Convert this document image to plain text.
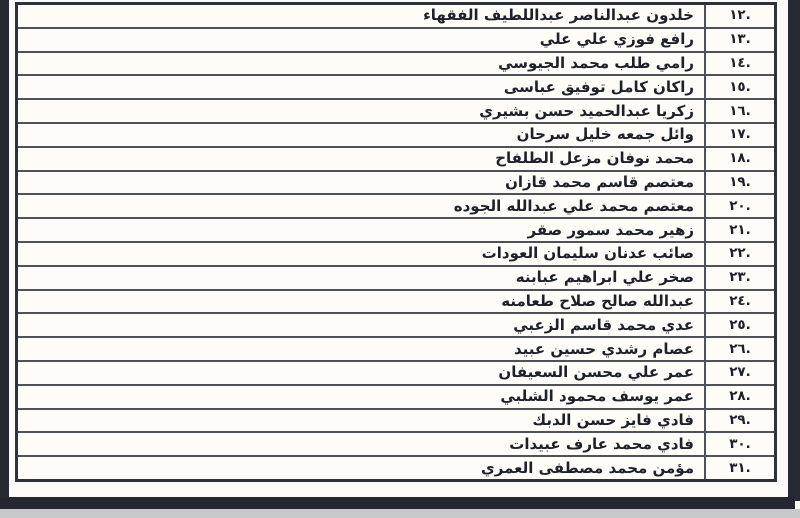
خلدون عبدالناصر عبداللطيف الفقهاء	١٢.
رافع فوزي علي علي	١٣.
رامي طلب محمد الجيوسي	١٤.
راكان كامل توفيق عباسى	١٥.
زكريا عبدالحميد حسن بشيري	١٦.
وائل جمعه خليل سرحان	١٧.
محمد نوفان مزعل الطلفاح	١٨.
معتصم قاسم محمد قازان	١٩.
معتصم محمد علي عبدالله الجوده	٢٠.
زهير محمد سمور صقر	٢١.
صائب عدنان سليمان العودات	٢٢.
صخر علي ابراهيم عبابنه	٢٣.
عبدالله صالح صلاح طعامنه	٢٤.
عدي محمد قاسم الزعبي	٢٥.
عصام رشدي حسين عبيد	٢٦.
عمر علي محسن السعيفان	٢٧.
عمر يوسف محمود الشلبي	٢٨.
فادي فايز حسن الدبك	٢٩.
فادي محمد عارف عبيدات	٣٠.
مؤمن محمد مصطفى العمري	٣١.
